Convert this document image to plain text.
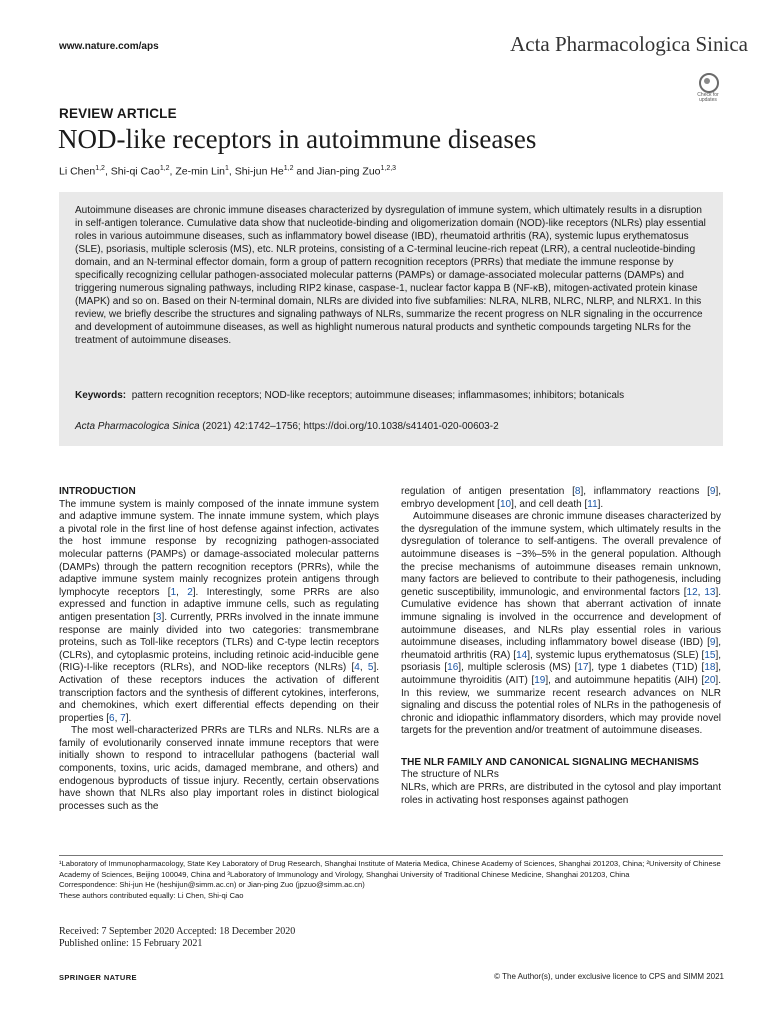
www.nature.com/aps	Acta Pharmacologica Sinica
Check for updates
REVIEW ARTICLE
NOD-like receptors in autoimmune diseases
Li Chen$^{1,2}$, Shi-qi Cao$^{1,2}$, Ze-min Lin$^1$, Shi-jun He$^{1,2}$ and Jian-ping Zuo$^{1,2,3}$

Autoimmune diseases are chronic immune diseases characterized by dysregulation of immune system, which ultimately results in a disruption in self-antigen tolerance. Cumulative data show that nucleotide-binding and oligomerization domain (NOD)-like receptors (NLRs) play essential roles in various autoimmune diseases, such as inflammatory bowel disease (IBD), rheumatoid arthritis (RA), systemic lupus erythematosus (SLE), psoriasis, multiple sclerosis (MS), etc. NLR proteins, consisting of a C-terminal leucine-rich repeat (LRR), a central nucleotide-binding domain, and an N-terminal effector domain, form a group of pattern recognition receptors (PRRs) that mediate the immune response by specifically recognizing cellular pathogen-associated molecular patterns (PAMPs) or damage-associated molecular patterns (DAMPs) and triggering numerous signaling pathways, including RIP2 kinase, caspase-1, nuclear factor kappa B (NF-κB), mitogen-activated protein kinase (MAPK) and so on. Based on their N-terminal domain, NLRs are divided into five subfamilies: NLRA, NLRB, NLRC, NLRP, and NLRX1. In this review, we briefly describe the structures and signaling pathways of NLRs, summarize the recent progress on NLR signaling in the occurrence and development of autoimmune diseases, as well as highlight numerous natural products and synthetic compounds targeting NLRs for the treatment of autoimmune diseases.

Keywords: pattern recognition receptors; NOD-like receptors; autoimmune diseases; inflammasomes; inhibitors; botanicals

Acta Pharmacologica Sinica (2021) 42:1742–1756; https://doi.org/10.1038/s41401-020-00603-2

INTRODUCTION

The immune system is mainly composed of the innate immune system and adaptive immune system. The innate immune system, which plays a pivotal role in the first line of host defense against infection, activates the host immune response by recognizing pathogen-associated molecular patterns (PAMPs) or damage-associated molecular patterns (DAMPs) through the pattern recognition receptors (PRRs), while the adaptive immune system mainly recognizes protein antigens through lymphocyte receptors [1, 2]. Interestingly, some PRRs are also expressed and function in adaptive immune cells, such as regulating antigen presentation [3]. Currently, PRRs involved in the innate immune response are mainly divided into two categories: transmembrane proteins, such as Toll-like receptors (TLRs) and C-type lectin receptors (CLRs), and cytoplasmic proteins, including retinoic acid-inducible gene (RIG)-I-like receptors (RLRs), and NOD-like receptors (NLRs) [4, 5]. Activation of these receptors induces the activation of different transcription factors and the synthesis of different cytokines, interferons, and chemokines, which exert differential effects depending on their properties [6, 7].

The most well-characterized PRRs are TLRs and NLRs. NLRs are a family of evolutionarily conserved innate immune receptors that were initially shown to respond to intracellular pathogens (bacterial wall components, toxins, uric acids, damaged membrane, and others) and endogenous byproducts of tissue injury. Recently, certain observations have shown that NLRs also play important roles in distinct biological processes such as the

regulation of antigen presentation [8], inflammatory reactions [9], embryo development [10], and cell death [11].

Autoimmune diseases are chronic immune diseases characterized by the dysregulation of the immune system, which ultimately results in the dysregulation of tolerance to self-antigens. The overall prevalence of autoimmune diseases is ~3%–5% in the general population. Although the precise mechanisms of autoimmune diseases remain unknown, many factors are believed to contribute to their pathogenesis, including genetic susceptibility, immunologic, and environmental factors [12, 13]. Cumulative evidence has shown that aberrant activation of innate immune signaling is involved in the occurrence and development of autoimmune diseases, and NLRs play essential roles in various autoimmune diseases, including inflammatory bowel disease (IBD) [9], rheumatoid arthritis (RA) [14], systemic lupus erythematosus (SLE) [15], psoriasis [16], multiple sclerosis (MS) [17], type 1 diabetes (T1D) [18], autoimmune thyroiditis (AIT) [19], and autoimmune hepatitis (AIH) [20]. In this review, we summarize recent research advances on NLR signaling and discuss the potential roles of NLRs in the pathogenesis of chronic and idiopathic inflammatory disorders, which may provide novel targets for the prevention and/or treatment of autoimmune diseases.

THE NLR FAMILY AND CANONICAL SIGNALING MECHANISMS

The structure of NLRs

NLRs, which are PRRs, are distributed in the cytosol and play important roles in activating host responses against pathogen

¹Laboratory of Immunopharmacology, State Key Laboratory of Drug Research, Shanghai Institute of Materia Medica, Chinese Academy of Sciences, Shanghai 201203, China; ²University of Chinese Academy of Sciences, Beijing 100049, China and ³Laboratory of Immunology and Virology, Shanghai University of Traditional Chinese Medicine, Shanghai 201203, China

Correspondence: Shi-jun He (heshijun@simm.ac.cn) or Jian-ping Zuo (jpzuo@simm.ac.cn)

These authors contributed equally: Li Chen, Shi-qi Cao

Received: 7 September 2020 Accepted: 18 December 2020

Published online: 15 February 2021

SPRINGER NATURE	© The Author(s), under exclusive licence to CPS and SIMM 2021
